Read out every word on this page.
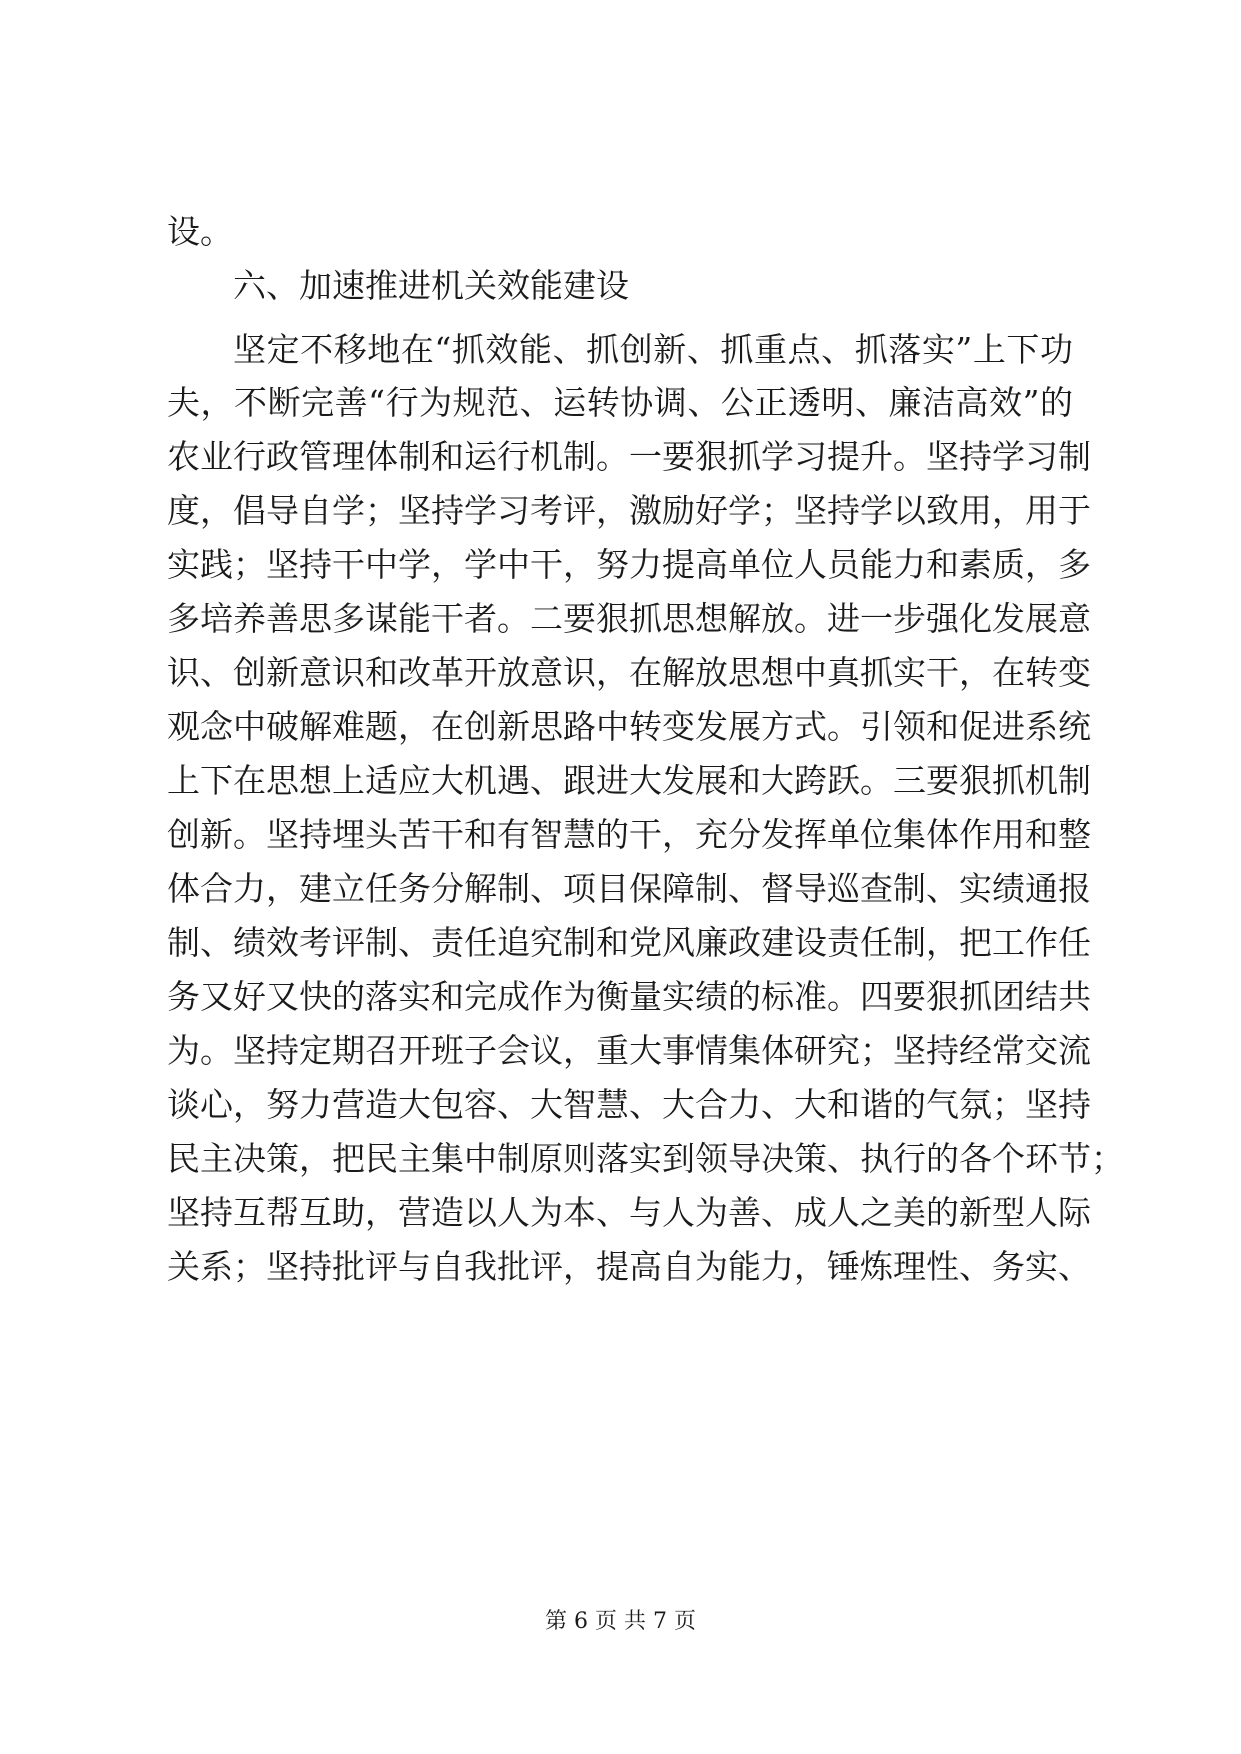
设。
六、加速推进机关效能建设
坚定不移地在“抓效能、抓创新、抓重点、抓落实”上下功
夫，不断完善“行为规范、运转协调、公正透明、廉洁高效”的
农业行政管理体制和运行机制。一要狠抓学习提升。坚持学习制
度，倡导自学；坚持学习考评，激励好学；坚持学以致用，用于
实践；坚持干中学，学中干，努力提高单位人员能力和素质，多
多培养善思多谋能干者。二要狠抓思想解放。进一步强化发展意
识、创新意识和改革开放意识，在解放思想中真抓实干，在转变
观念中破解难题，在创新思路中转变发展方式。引领和促进系统
上下在思想上适应大机遇、跟进大发展和大跨跃。三要狠抓机制
创新。坚持埋头苦干和有智慧的干，充分发挥单位集体作用和整
体合力，建立任务分解制、项目保障制、督导巡查制、实绩通报
制、绩效考评制、责任追究制和党风廉政建设责任制，把工作任
务又好又快的落实和完成作为衡量实绩的标准。四要狠抓团结共
为。坚持定期召开班子会议，重大事情集体研究；坚持经常交流
谈心，努力营造大包容、大智慧、大合力、大和谐的气氛；坚持
民主决策，把民主集中制原则落实到领导决策、执行的各个环节；
坚持互帮互助，营造以人为本、与人为善、成人之美的新型人际
关系；坚持批评与自我批评，提高自为能力，锤炼理性、务实、
第 6 页 共 7 页
